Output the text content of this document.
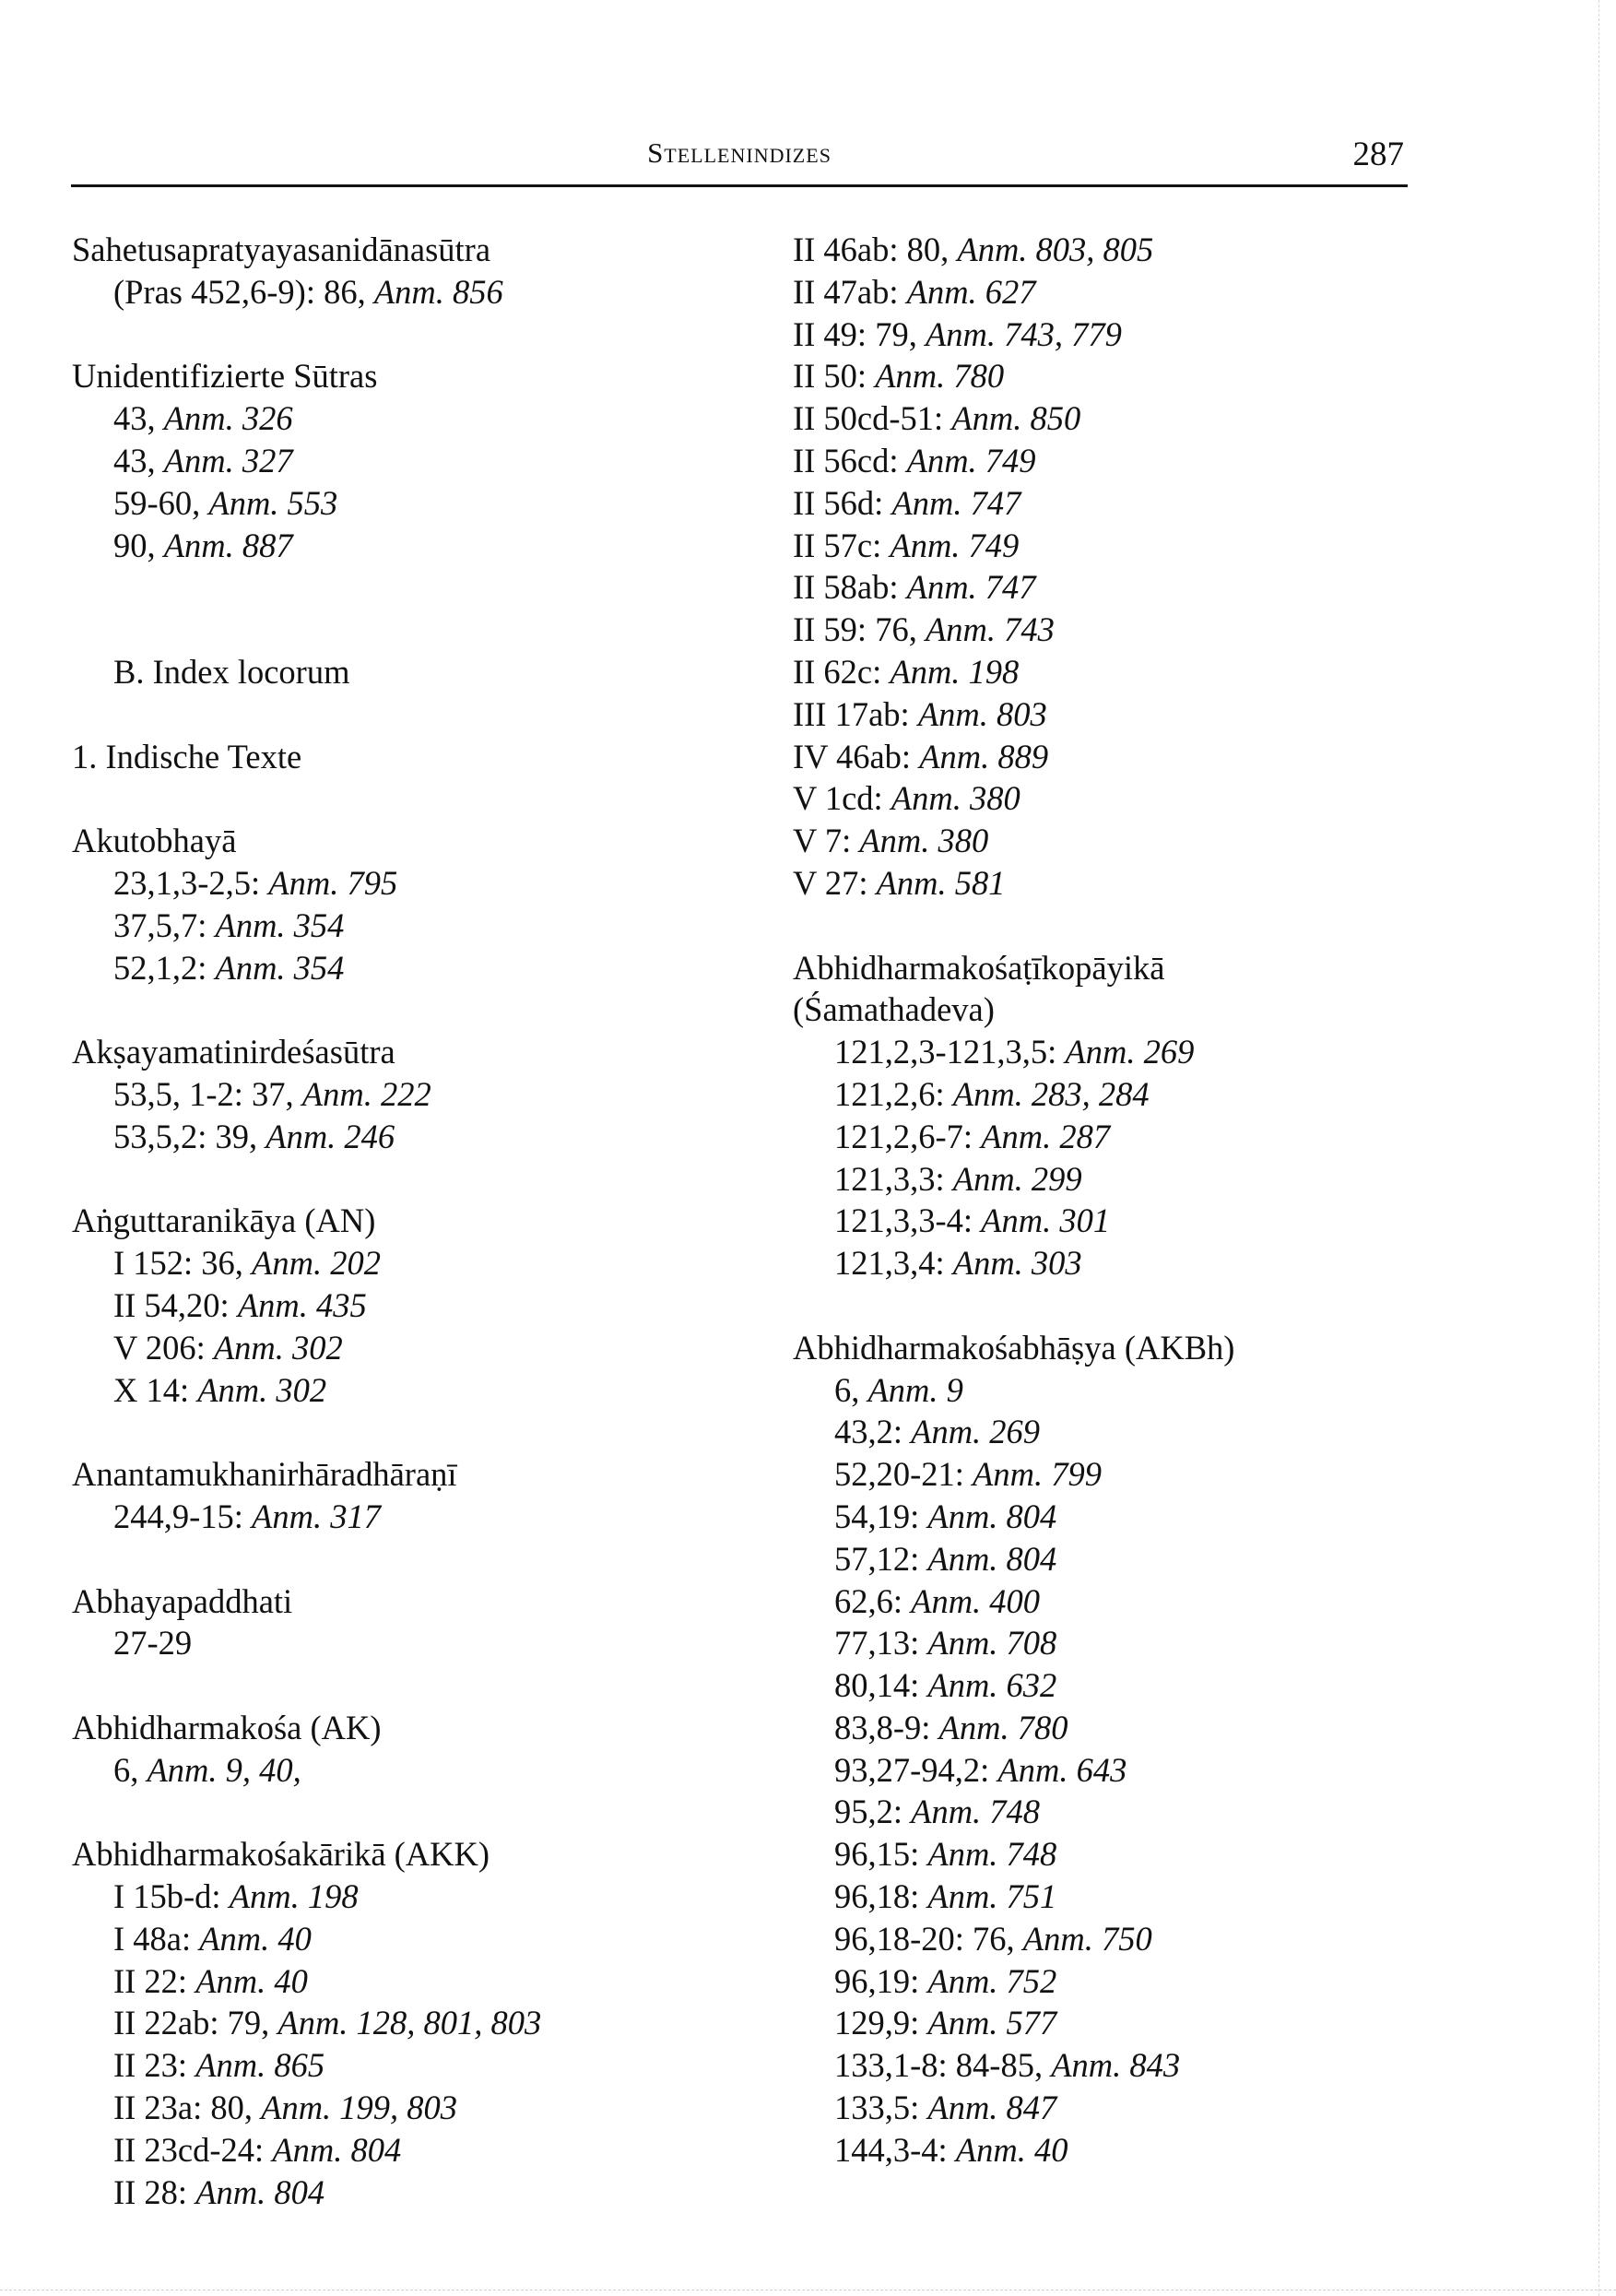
Stellenindizes	287
Sahetusapratyayasanidānasūtra
(Pras 452,6-9): 86, Anm. 856
Unidentifizierte Sūtras
43, Anm. 326
43, Anm. 327
59-60, Anm. 553
90, Anm. 887
B. Index locorum
1. Indische Texte
Akutobhayā
23,1,3-2,5: Anm. 795
37,5,7: Anm. 354
52,1,2: Anm. 354
Akṣayamatinirdeśasūtra
53,5, 1-2: 37, Anm. 222
53,5,2: 39, Anm. 246
Aṅguttaranikāya (AN)
I 152: 36, Anm. 202
II 54,20: Anm. 435
V 206: Anm. 302
X 14: Anm. 302
Anantamukhanirhāradhāraṇī
244,9-15: Anm. 317
Abhayapaddhati
27-29
Abhidharmakośa (AK)
6, Anm. 9, 40,
Abhidharmakośakārikā (AKK)
I 15b-d: Anm. 198
I 48a: Anm. 40
II 22: Anm. 40
II 22ab: 79, Anm. 128, 801, 803
II 23: Anm. 865
II 23a: 80, Anm. 199, 803
II 23cd-24: Anm. 804
II 28: Anm. 804
II 46ab: 80, Anm. 803, 805
II 47ab: Anm. 627
II 49: 79, Anm. 743, 779
II 50: Anm. 780
II 50cd-51: Anm. 850
II 56cd: Anm. 749
II 56d: Anm. 747
II 57c: Anm. 749
II 58ab: Anm. 747
II 59: 76, Anm. 743
II 62c: Anm. 198
III 17ab: Anm. 803
IV 46ab: Anm. 889
V 1cd: Anm. 380
V 7: Anm. 380
V 27: Anm. 581
Abhidharmakośaṭīkopāyikā
(Śamathadeva)
121,2,3-121,3,5: Anm. 269
121,2,6: Anm. 283, 284
121,2,6-7: Anm. 287
121,3,3: Anm. 299
121,3,3-4: Anm. 301
121,3,4: Anm. 303
Abhidharmakośabhāṣya (AKBh)
6, Anm. 9
43,2: Anm. 269
52,20-21: Anm. 799
54,19: Anm. 804
57,12: Anm. 804
62,6: Anm. 400
77,13: Anm. 708
80,14: Anm. 632
83,8-9: Anm. 780
93,27-94,2: Anm. 643
95,2: Anm. 748
96,15: Anm. 748
96,18: Anm. 751
96,18-20: 76, Anm. 750
96,19: Anm. 752
129,9: Anm. 577
133,1-8: 84-85, Anm. 843
133,5: Anm. 847
144,3-4: Anm. 40
